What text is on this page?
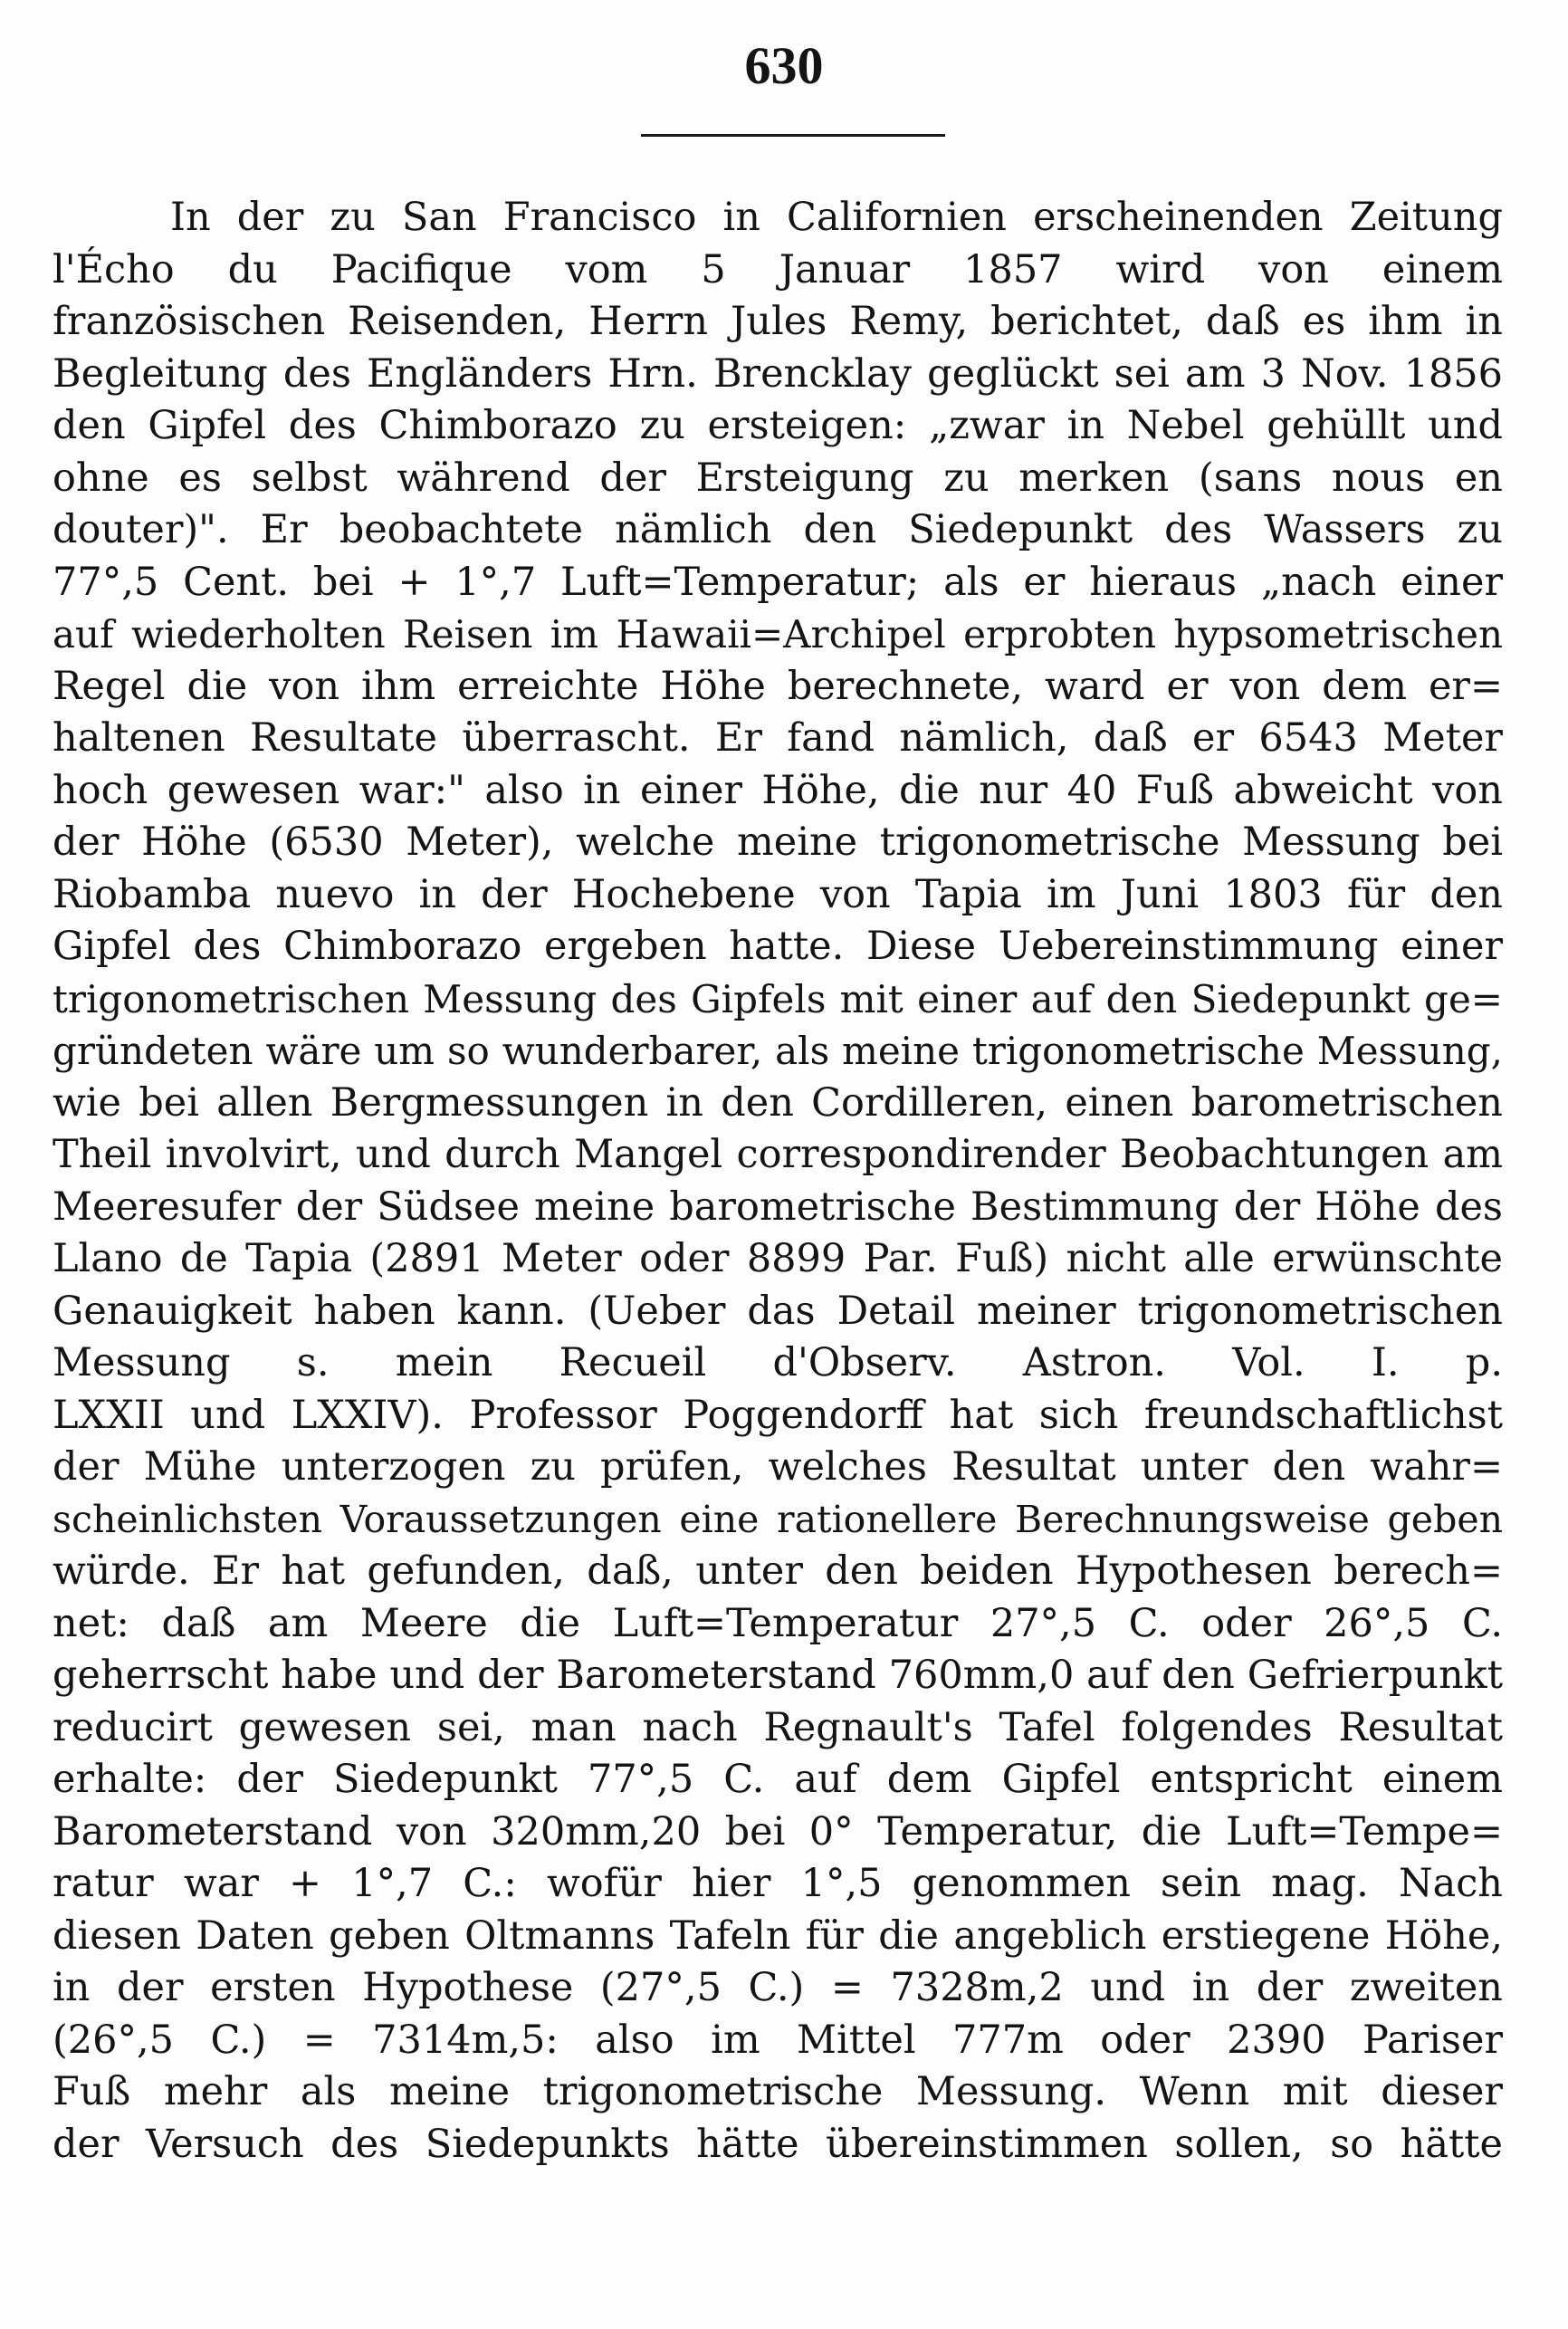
630
In der zu San Francisco in Californien erscheinenden Zeitung
l'Écho du Pacifique vom 5 Januar 1857 wird von einem
französischen Reisenden, Herrn Jules Remy, berichtet, daß es ihm in
Begleitung des Engländers Hrn. Brencklay geglückt sei am 3 Nov. 1856
den Gipfel des Chimborazo zu ersteigen: „zwar in Nebel gehüllt und
ohne es selbst während der Ersteigung zu merken (sans nous en
douter)". Er beobachtete nämlich den Siedepunkt des Wassers zu
77°,5 Cent. bei + 1°,7 Luft=Temperatur; als er hieraus „nach einer
auf wiederholten Reisen im Hawaii=Archipel erprobten hypsometrischen
Regel die von ihm erreichte Höhe berechnete, ward er von dem er=
haltenen Resultate überrascht. Er fand nämlich, daß er 6543 Meter
hoch gewesen war:" also in einer Höhe, die nur 40 Fuß abweicht von
der Höhe (6530 Meter), welche meine trigonometrische Messung bei
Riobamba nuevo in der Hochebene von Tapia im Juni 1803 für den
Gipfel des Chimborazo ergeben hatte. Diese Uebereinstimmung einer
trigonometrischen Messung des Gipfels mit einer auf den Siedepunkt ge=
gründeten wäre um so wunderbarer, als meine trigonometrische Messung,
wie bei allen Bergmessungen in den Cordilleren, einen barometrischen
Theil involvirt, und durch Mangel correspondirender Beobachtungen am
Meeresufer der Südsee meine barometrische Bestimmung der Höhe des
Llano de Tapia (2891 Meter oder 8899 Par. Fuß) nicht alle erwünschte
Genauigkeit haben kann. (Ueber das Detail meiner trigonometrischen
Messung s. mein Recueil d'Observ. Astron. Vol. I. p.
LXXII und LXXIV). Professor Poggendorff hat sich freundschaftlichst
der Mühe unterzogen zu prüfen, welches Resultat unter den wahr=
scheinlichsten Voraussetzungen eine rationellere Berechnungsweise geben
würde. Er hat gefunden, daß, unter den beiden Hypothesen berech=
net: daß am Meere die Luft=Temperatur 27°,5 C. oder 26°,5 C.
geherrscht habe und der Barometerstand 760mm,0 auf den Gefrierpunkt
reducirt gewesen sei, man nach Regnault's Tafel folgendes Resultat
erhalte: der Siedepunkt 77°,5 C. auf dem Gipfel entspricht einem
Barometerstand von 320mm,20 bei 0° Temperatur, die Luft=Tempe=
ratur war + 1°,7 C.: wofür hier 1°,5 genommen sein mag. Nach
diesen Daten geben Oltmanns Tafeln für die angeblich erstiegene Höhe,
in der ersten Hypothese (27°,5 C.) = 7328m,2 und in der zweiten
(26°,5 C.) = 7314m,5: also im Mittel 777m oder 2390 Pariser
Fuß mehr als meine trigonometrische Messung. Wenn mit dieser
der Versuch des Siedepunkts hätte übereinstimmen sollen, so hätte
